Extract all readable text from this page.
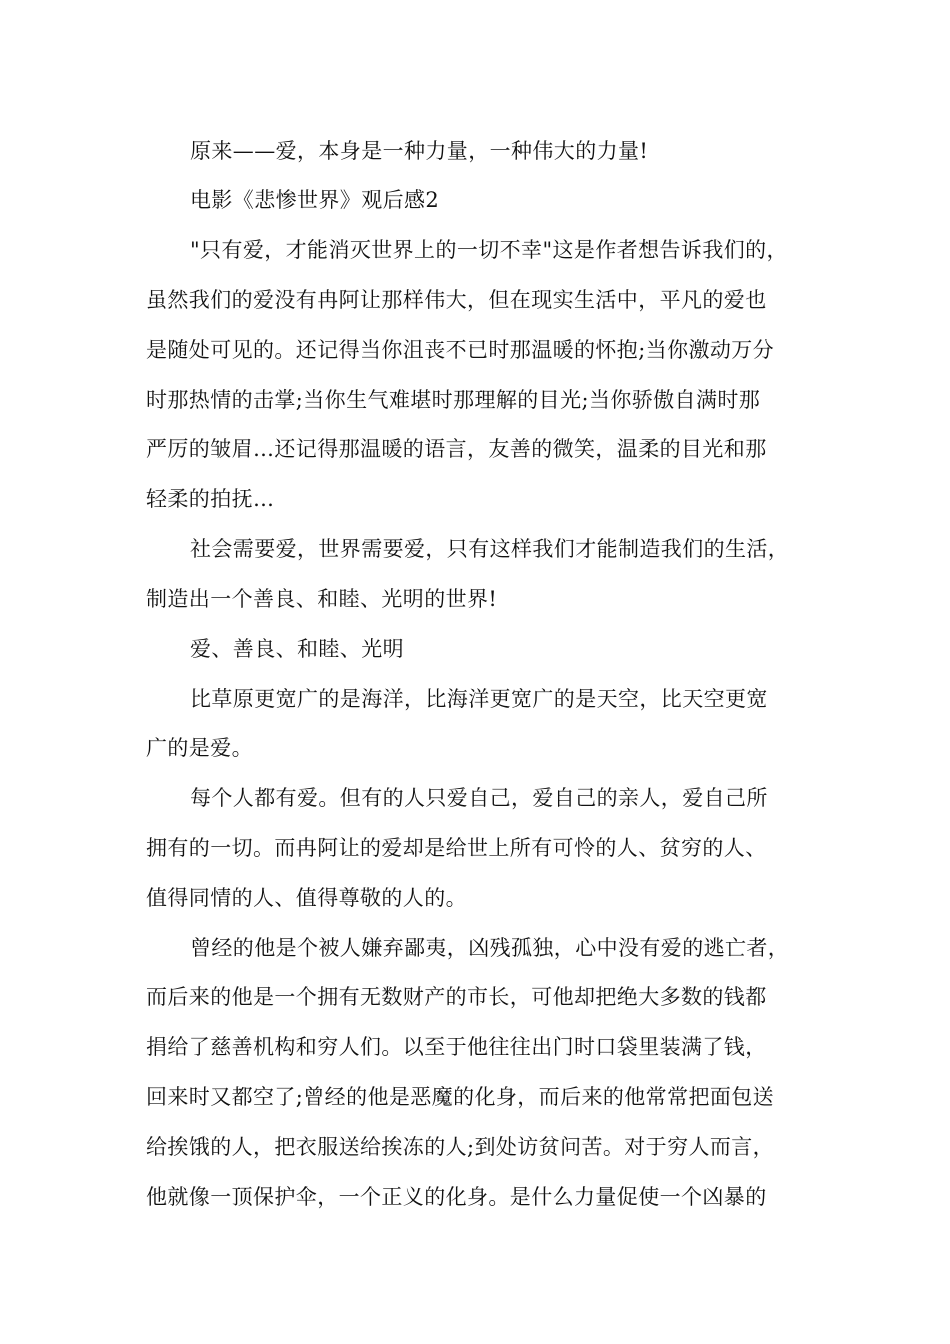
原来——爱，本身是一种力量，一种伟大的力量!
电影《悲惨世界》观后感2
"只有爱，才能消灭世界上的一切不幸"这是作者想告诉我们的，
虽然我们的爱没有冉阿让那样伟大，但在现实生活中，平凡的爱也
是随处可见的。还记得当你沮丧不已时那温暖的怀抱;当你激动万分
时那热情的击掌;当你生气难堪时那理解的目光;当你骄傲自满时那
严厉的皱眉…还记得那温暖的语言，友善的微笑，温柔的目光和那
轻柔的拍抚…
社会需要爱，世界需要爱，只有这样我们才能制造我们的生活，
制造出一个善良、和睦、光明的世界!
爱、善良、和睦、光明
比草原更宽广的是海洋，比海洋更宽广的是天空，比天空更宽
广的是爱。
每个人都有爱。但有的人只爱自己，爱自己的亲人，爱自己所
拥有的一切。而冉阿让的爱却是给世上所有可怜的人、贫穷的人、
值得同情的人、值得尊敬的人的。
曾经的他是个被人嫌弃鄙夷，凶残孤独，心中没有爱的逃亡者，
而后来的他是一个拥有无数财产的市长，可他却把绝大多数的钱都
捐给了慈善机构和穷人们。以至于他往往出门时口袋里装满了钱，
回来时又都空了;曾经的他是恶魔的化身，而后来的他常常把面包送
给挨饿的人，把衣服送给挨冻的人;到处访贫问苦。对于穷人而言，
他就像一顶保护伞，一个正义的化身。是什么力量促使一个凶暴的
